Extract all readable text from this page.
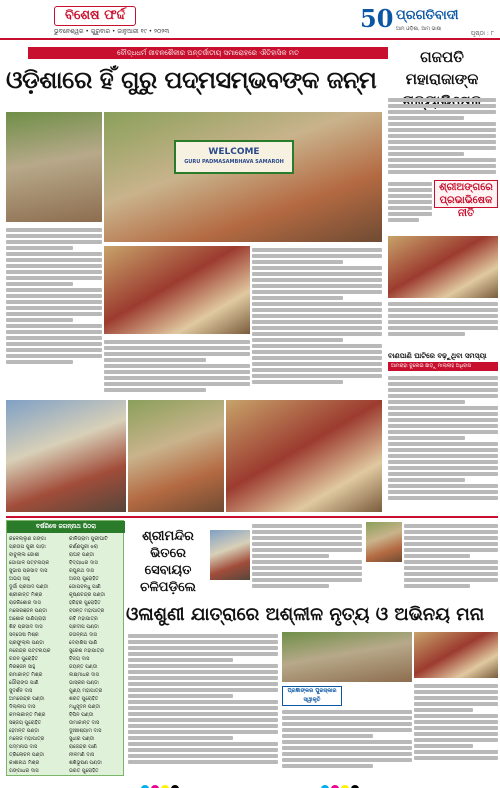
ବିଶେଷ ଫର୍ଦ୍ଦ
ଭୁବନେଶ୍ୱର • ଗୁରୁବାର • ଜାନୁଆରୀ ୧୯ • ୨୦୨୩	50 ପ୍ରଗତିବାଦୀ
ଆମ ଓଡ଼ିଶା, ଆମ ଭାଷା
ପୃଷ୍ଠା : ୮
ବୌଦ୍ଧଧର୍ମ ଜୀବନଶୈଳୀର ଅନ୍ତର୍ଜାତୀୟ ସମାରୋହରେ ଐତିହାସିକ ମତ
ଓଡ଼ିଶାରେ ହିଁ ଗୁରୁ ପଦ୍ମସମ୍ଭବଙ୍କ ଜନ୍ମ
WELCOME
GURU PADMASAMBHAVA SAMAROH
ଗଜପତି ମହାରାଜାଙ୍କ
ଶ୍ରୀଅଙ୍ଗରେ ପ୍ରଭାଭିଷେକ ନୀତି
ବାଣପାଣି ଘାଟିରେ ବଢ଼ୁଥିବା ସମସ୍ୟା
ଆମରାହା ବୁଲେଇ ଛାଡ଼ୁ ମାଲ୍ଲାହ ଅଧିବାସ
ବର୍ଷରିକେ ଜଗନ୍ନାଥ ପିଠରା
କଳେଲ୍ଲୁଣ ଗଙ୍ଗା	କାଳିଗ୍ରାମ ପୁରୀଘାଟି
ପ୍ରତାପ ପୁରୀ ପାଡ଼ା	କର୍ଣ୍ଣପୁରୀ ଝରା
ବାବୁଲାଲ ଜୋଶୀ	ରାଘବ ପଣ୍ଡା
ଗୋପାଳ ପଟ୍ଟନାୟକ	ବିଦ୍ୟାଧର ଦାସ
ସୁଭାଷ ପ୍ରସାଦ ଦାସ	ରଘୁନାଥ ଦାସ
ଅଭୟ ସାହୁ	ଅଜୟ ପୁରୋହିତ
ଦୁର୍ଗା ପ୍ରସାଦ ପଣ୍ଡା	ଗୋପବନ୍ଧୁ ପାଣି
ଶ୍ରୀକାନ୍ତ ମିଶ୍ର	କୃଷ୍ଣଚନ୍ଦ୍ର ପଣ୍ଡା
ରାଜକିଶୋର ଦାସ	ହରିହର ପୁରୋହିତ
ମନୋରଞ୍ଜନ ପଣ୍ଡା	ବସନ୍ତ ମହାପାତ୍ର
ଅଶୋକ ପାଣିଗ୍ରାହୀ	ରବି ମହାପାତ୍ର
ଶିବ ପ୍ରସାଦ ଦାସ	ପ୍ରଦୀପ ପଣ୍ଡା
ସନ୍ତୋଷ ମିଶ୍ର	ଜଗନ୍ନାଥ ଦାସ
ପ୍ରଫୁଲ୍ଲ ପଣ୍ଡା	ଦେବାଶିଷ ପାଣି
ନରେନ୍ଦ୍ର ପଟ୍ଟନାୟକ	ସୁରେଶ ମହାପାତ୍ର
ଚନ୍ଦନ ପୁରୋହିତ	ବିଜୟ ଦାସ
ନିରଞ୍ଜନ ସାହୁ	ଜୟନ୍ତ ପଣ୍ଡା
ରମାକାନ୍ତ ମିଶ୍ର	ଲକ୍ଷ୍ମୀଧର ଦାସ
ଗୌରାଙ୍ଗ ପାଣି	ଭାସ୍କର ପଣ୍ଡା
ସୁଦର୍ଶନ ଦାସ	ପୁଣ୍ୟ ମହାପାତ୍ର
ଅମରେନ୍ଦ୍ର ପଣ୍ଡା	ଶରତ ପୁରୋହିତ
ଦିଲ୍ଲୀପ ଦାସ	ମଧୁସୂଦନ ପଣ୍ଡା
କମଳାକାନ୍ତ ମିଶ୍ର	ବିପିନ ପଣ୍ଡା
ସଞ୍ଜୟ ପୁରୋହିତ	ଉମାକାନ୍ତ ଦାସ
ହେମନ୍ତ ପଣ୍ଡା	ଦୁଃଖୀଶ୍ୟାମ ଦାସ
ମନୋଜ ମହାପାତ୍ର	ସୁଧୀର ପଣ୍ଡା
ପଦ୍ମନାଭ ଦାସ	ରାଜେନ୍ଦ୍ର ପାଣି
ତ୍ରିଲୋଚନ ପଣ୍ଡା	ନୀଳମଣି ଦାସ
କାଶୀନାଥ ମିଶ୍ର	ଶଶିଭୂଷଣ ପଣ୍ଡା
ଗଙ୍ଗାଧର ଦାସ	ଭରତ ପୁରୋହିତ
ଶ୍ରୀମନ୍ଦିର ଭିତରେ ସେବାୟତ ଚଳିପଡ଼ିଲେ
ଓଳାଶୁଣୀ ଯାତ୍ରାରେ ଅଶ୍ଳୀଳ ନୃତ୍ୟ ଓ ଅଭିନୟ ମନା
ପ୍ରଜ୍ଞାଙ୍କର ପୁରସ୍କାର ସ୍ୱୀକୃତି
